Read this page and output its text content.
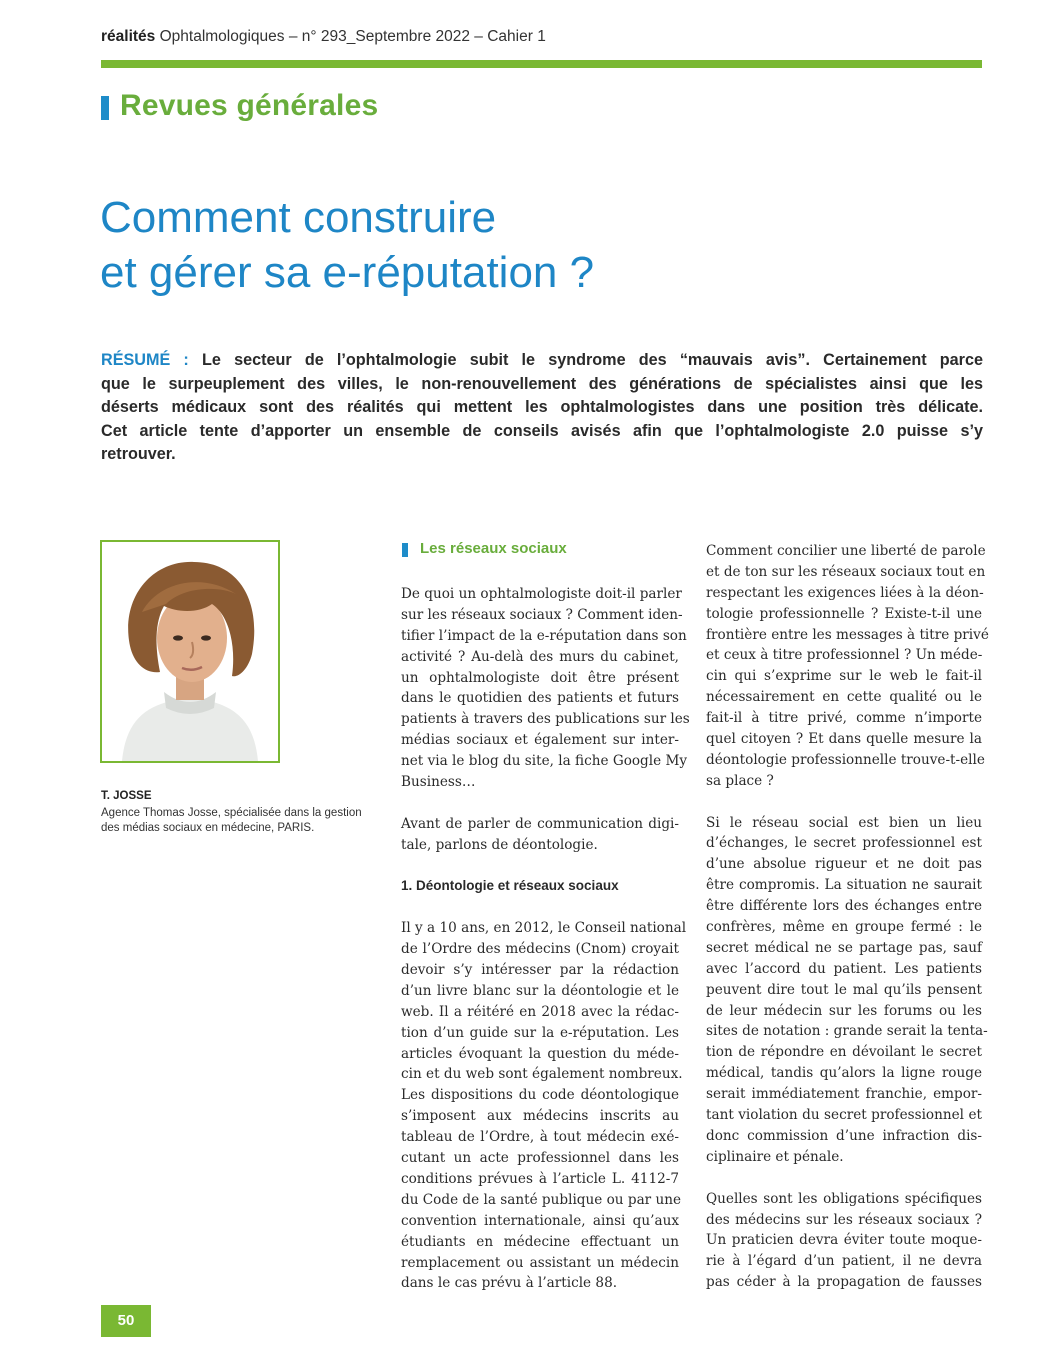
réalités Ophtalmologiques – n° 293_Septembre 2022 – Cahier 1
Revues générales
Comment construire
et gérer sa e-réputation ?
RÉSUMÉ : Le secteur de l’ophtalmologie subit le syndrome des “mauvais avis”. Certainement parce
que le surpeuplement des villes, le non-renouvellement des générations de spécialistes ainsi que les
déserts médicaux sont des réalités qui mettent les ophtalmologistes dans une position très délicate.
Cet article tente d’apporter un ensemble de conseils avisés afin que l’ophtalmologiste 2.0 puisse s’y
retrouver.
T. JOSSE
Agence Thomas Josse, spécialisée dans la gestion
des médias sociaux en médecine, PARIS.
Les réseaux sociaux
De quoi un ophtalmologiste doit-il parler
sur les réseaux sociaux ? Comment iden-
tifier l’impact de la e-réputation dans son
activité ? Au-delà des murs du cabinet,
un ophtalmologiste doit être présent
dans le quotidien des patients et futurs
patients à travers des publications sur les
médias sociaux et également sur inter-
net via le blog du site, la fiche Google My
Business…
Avant de parler de communication digi-
tale, parlons de déontologie.
1. Déontologie et réseaux sociaux
Il y a 10 ans, en 2012, le Conseil national
de l’Ordre des médecins (Cnom) croyait
devoir s’y intéresser par la rédaction
d’un livre blanc sur la déontologie et le
web. Il a réitéré en 2018 avec la rédac-
tion d’un guide sur la e-réputation. Les
articles évoquant la question du méde-
cin et du web sont également nombreux.
Les dispositions du code déontologique
s’imposent aux médecins inscrits au
tableau de l’Ordre, à tout médecin exé-
cutant un acte professionnel dans les
conditions prévues à l’article L. 4112-7
du Code de la santé publique ou par une
convention internationale, ainsi qu’aux
étudiants en médecine effectuant un
remplacement ou assistant un médecin
dans le cas prévu à l’article 88.
Comment concilier une liberté de parole
et de ton sur les réseaux sociaux tout en
respectant les exigences liées à la déon-
tologie professionnelle ? Existe-t-il une
frontière entre les messages à titre privé
et ceux à titre professionnel ? Un méde-
cin qui s’exprime sur le web le fait-il
nécessairement en cette qualité ou le
fait-il à titre privé, comme n’importe
quel citoyen ? Et dans quelle mesure la
déontologie professionnelle trouve-t-elle
sa place ?
Si le réseau social est bien un lieu
d’échanges, le secret professionnel est
d’une absolue rigueur et ne doit pas
être compromis. La situation ne saurait
être différente lors des échanges entre
confrères, même en groupe fermé : le
secret médical ne se partage pas, sauf
avec l’accord du patient. Les patients
peuvent dire tout le mal qu’ils pensent
de leur médecin sur les forums ou les
sites de notation : grande serait la tenta-
tion de répondre en dévoilant le secret
médical, tandis qu’alors la ligne rouge
serait immédiatement franchie, empor-
tant violation du secret professionnel et
donc commission d’une infraction dis-
ciplinaire et pénale.
Quelles sont les obligations spécifiques
des médecins sur les réseaux sociaux ?
Un praticien devra éviter toute moque-
rie à l’égard d’un patient, il ne devra
pas céder à la propagation de fausses
50
